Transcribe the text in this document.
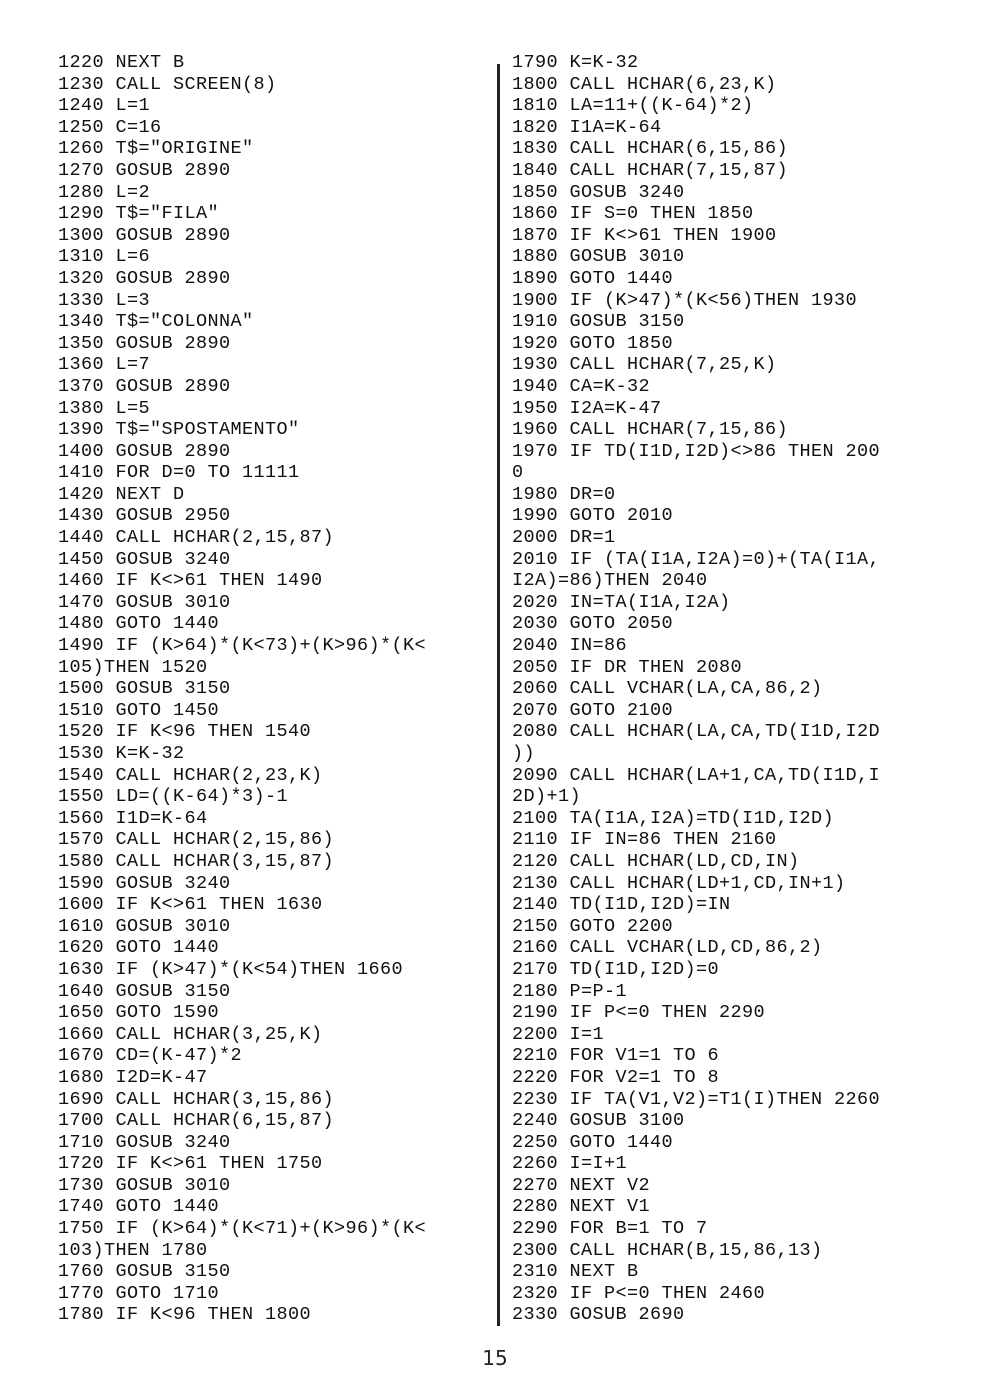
1220 NEXT B
1230 CALL SCREEN(8)
1240 L=1
1250 C=16
1260 T$="ORIGINE"
1270 GOSUB 2890
1280 L=2
1290 T$="FILA"
1300 GOSUB 2890
1310 L=6
1320 GOSUB 2890
1330 L=3
1340 T$="COLONNA"
1350 GOSUB 2890
1360 L=7
1370 GOSUB 2890
1380 L=5
1390 T$="SPOSTAMENTO"
1400 GOSUB 2890
1410 FOR D=0 TO 11111
1420 NEXT D
1430 GOSUB 2950
1440 CALL HCHAR(2,15,87)
1450 GOSUB 3240
1460 IF K<>61 THEN 1490
1470 GOSUB 3010
1480 GOTO 1440
1490 IF (K>64)*(K<73)+(K>96)*(K<
105)THEN 1520
1500 GOSUB 3150
1510 GOTO 1450
1520 IF K<96 THEN 1540
1530 K=K-32
1540 CALL HCHAR(2,23,K)
1550 LD=((K-64)*3)-1
1560 I1D=K-64
1570 CALL HCHAR(2,15,86)
1580 CALL HCHAR(3,15,87)
1590 GOSUB 3240
1600 IF K<>61 THEN 1630
1610 GOSUB 3010
1620 GOTO 1440
1630 IF (K>47)*(K<54)THEN 1660
1640 GOSUB 3150
1650 GOTO 1590
1660 CALL HCHAR(3,25,K)
1670 CD=(K-47)*2
1680 I2D=K-47
1690 CALL HCHAR(3,15,86)
1700 CALL HCHAR(6,15,87)
1710 GOSUB 3240
1720 IF K<>61 THEN 1750
1730 GOSUB 3010
1740 GOTO 1440
1750 IF (K>64)*(K<71)+(K>96)*(K<
103)THEN 1780
1760 GOSUB 3150
1770 GOTO 1710
1780 IF K<96 THEN 1800
1790 K=K-32
1800 CALL HCHAR(6,23,K)
1810 LA=11+((K-64)*2)
1820 I1A=K-64
1830 CALL HCHAR(6,15,86)
1840 CALL HCHAR(7,15,87)
1850 GOSUB 3240
1860 IF S=0 THEN 1850
1870 IF K<>61 THEN 1900
1880 GOSUB 3010
1890 GOTO 1440
1900 IF (K>47)*(K<56)THEN 1930
1910 GOSUB 3150
1920 GOTO 1850
1930 CALL HCHAR(7,25,K)
1940 CA=K-32
1950 I2A=K-47
1960 CALL HCHAR(7,15,86)
1970 IF TD(I1D,I2D)<>86 THEN 200
0
1980 DR=0
1990 GOTO 2010
2000 DR=1
2010 IF (TA(I1A,I2A)=0)+(TA(I1A,
I2A)=86)THEN 2040
2020 IN=TA(I1A,I2A)
2030 GOTO 2050
2040 IN=86
2050 IF DR THEN 2080
2060 CALL VCHAR(LA,CA,86,2)
2070 GOTO 2100
2080 CALL HCHAR(LA,CA,TD(I1D,I2D
))
2090 CALL HCHAR(LA+1,CA,TD(I1D,I
2D)+1)
2100 TA(I1A,I2A)=TD(I1D,I2D)
2110 IF IN=86 THEN 2160
2120 CALL HCHAR(LD,CD,IN)
2130 CALL HCHAR(LD+1,CD,IN+1)
2140 TD(I1D,I2D)=IN
2150 GOTO 2200
2160 CALL VCHAR(LD,CD,86,2)
2170 TD(I1D,I2D)=0
2180 P=P-1
2190 IF P<=0 THEN 2290
2200 I=1
2210 FOR V1=1 TO 6
2220 FOR V2=1 TO 8
2230 IF TA(V1,V2)=T1(I)THEN 2260
2240 GOSUB 3100
2250 GOTO 1440
2260 I=I+1
2270 NEXT V2
2280 NEXT V1
2290 FOR B=1 TO 7
2300 CALL HCHAR(B,15,86,13)
2310 NEXT B
2320 IF P<=0 THEN 2460
2330 GOSUB 2690
15
